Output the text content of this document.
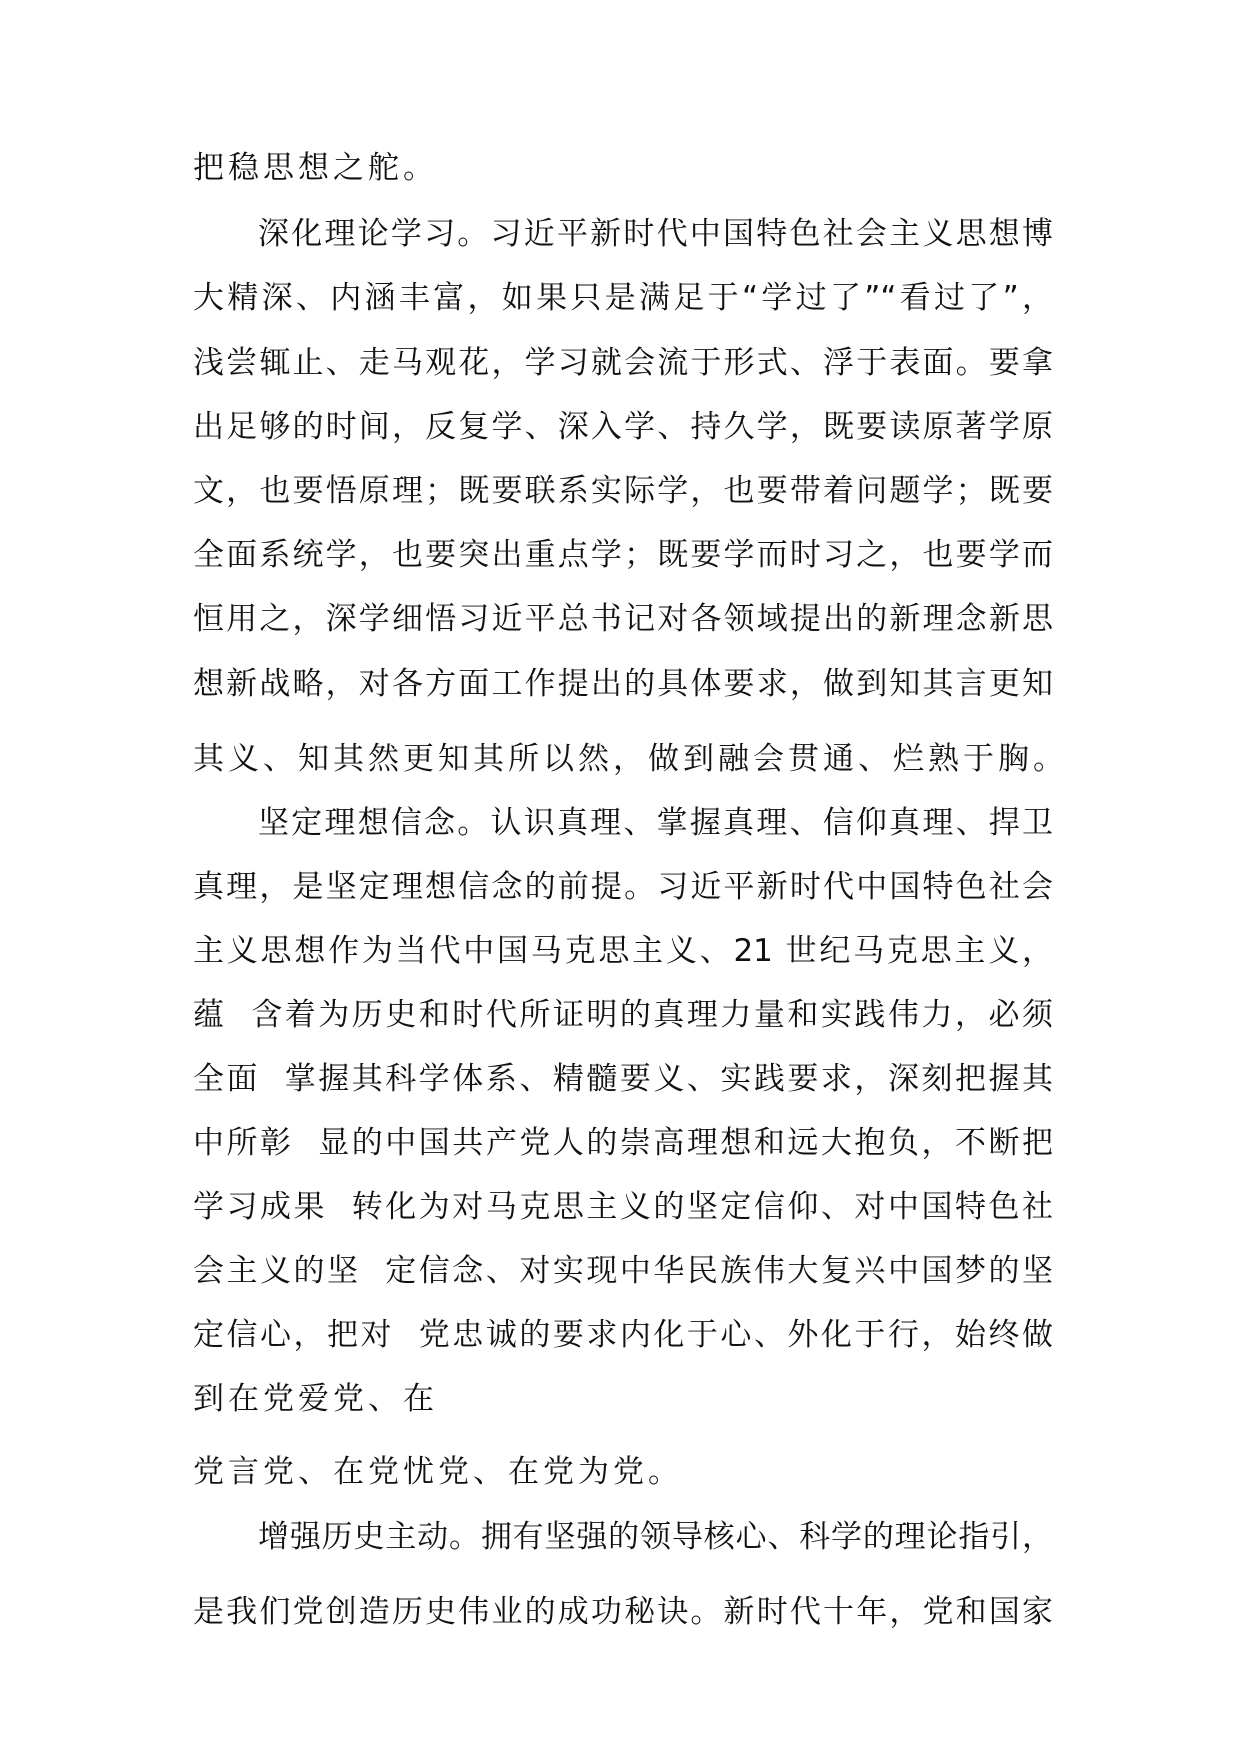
把稳思想之舵。
深化理论学习。习近平新时代中国特色社会主义思想博
大精深、内涵丰富，如果只是满足于“学过了”“看过了”，
浅尝辄止、走马观花，学习就会流于形式、浮于表面。要拿
出足够的时间，反复学、深入学、持久学，既要读原著学原
文，也要悟原理；既要联系实际学，也要带着问题学；既要
全面系统学，也要突出重点学；既要学而时习之，也要学而
恒用之，深学细悟习近平总书记对各领域提出的新理念新思
想新战略，对各方面工作提出的具体要求，做到知其言更知
其义、知其然更知其所以然，做到融会贯通、烂熟于胸。
坚定理想信念。认识真理、掌握真理、信仰真理、捍卫
真理，是坚定理想信念的前提。习近平新时代中国特色社会
主义思想作为当代中国马克思主义、21 世纪马克思主义，
蕴  含着为历史和时代所证明的真理力量和实践伟力，必须
全面  掌握其科学体系、精髓要义、实践要求，深刻把握其
中所彰  显的中国共产党人的崇高理想和远大抱负，不断把
学习成果  转化为对马克思主义的坚定信仰、对中国特色社
会主义的坚  定信念、对实现中华民族伟大复兴中国梦的坚
定信心，把对  党忠诚的要求内化于心、外化于行，始终做
到在党爱党、在
党言党、在党忧党、在党为党。
增强历史主动。拥有坚强的领导核心、科学的理论指引，
是我们党创造历史伟业的成功秘诀。新时代十年，党和国家
